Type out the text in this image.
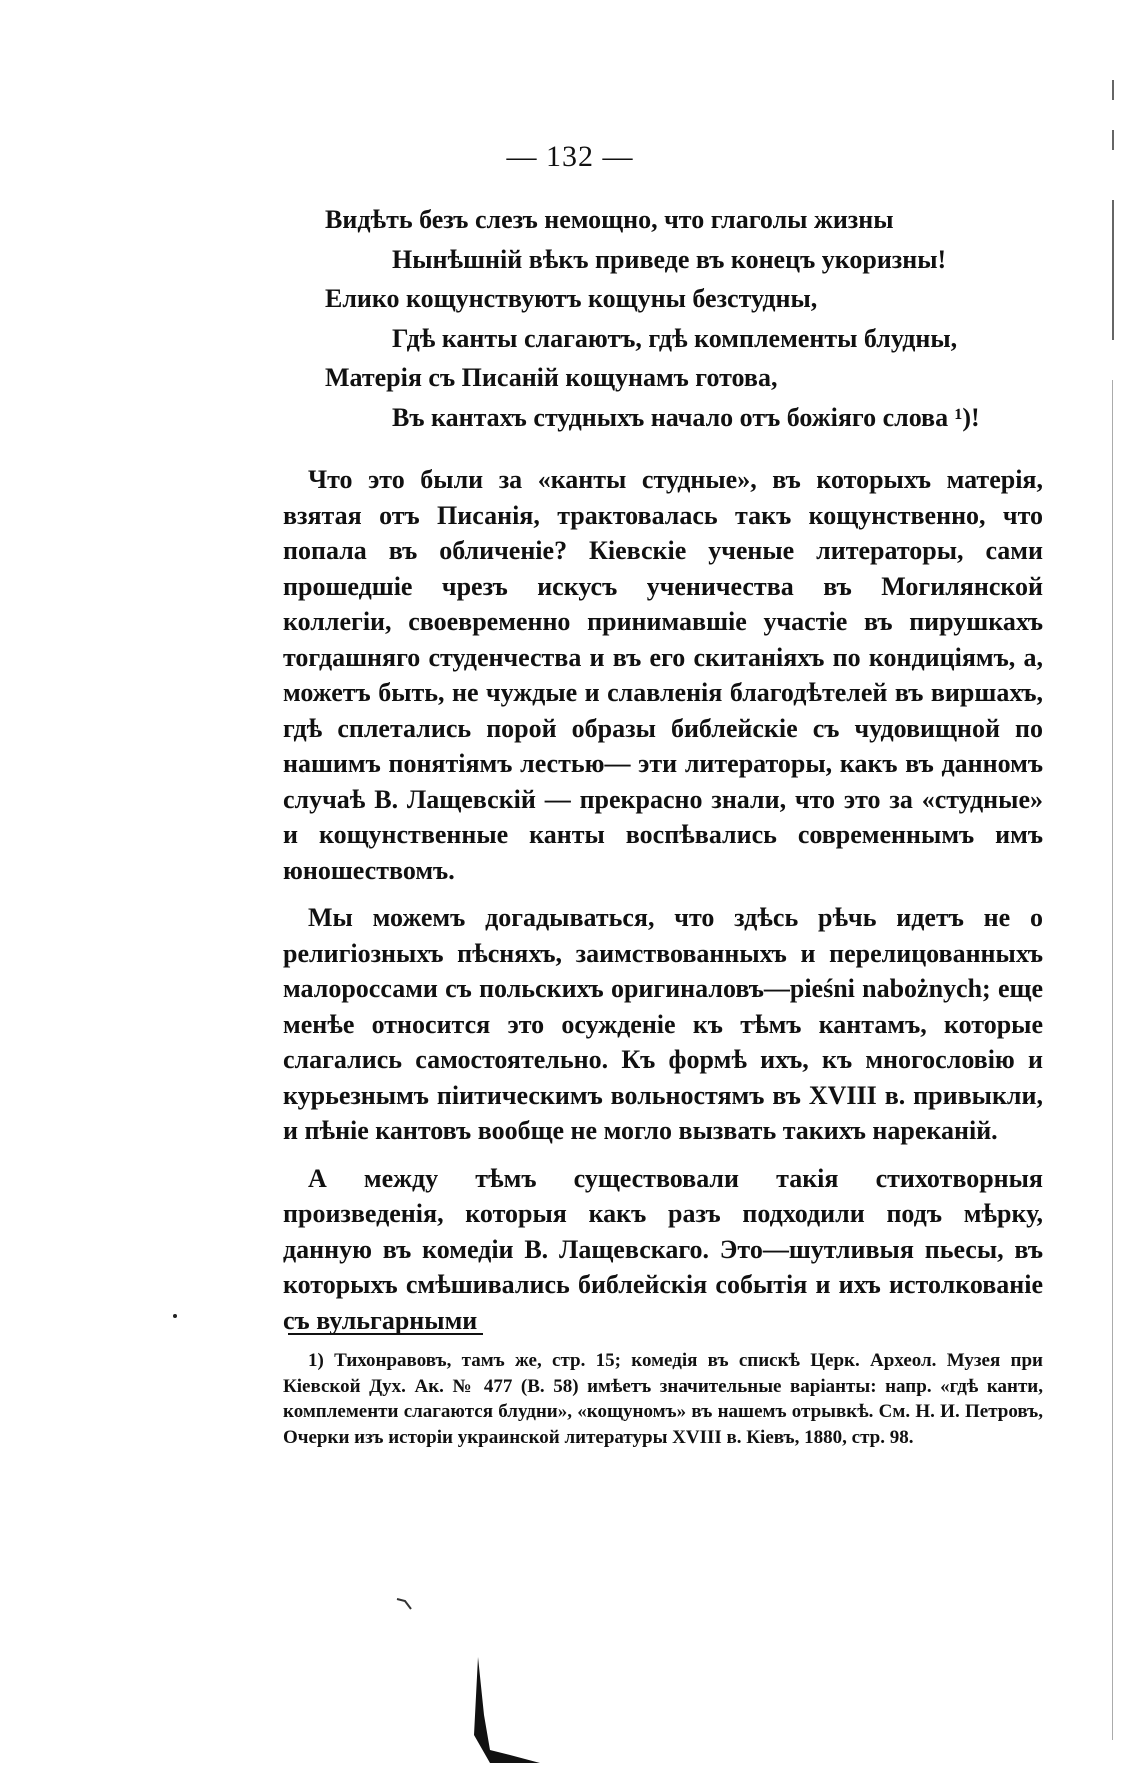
— 132 —
Видѣть безъ слезъ немощно, что глаголы жизны
Нынѣшній вѣкъ приведе въ конецъ укоризны!
Елико кощунствуютъ кощуны безстудны,
Гдѣ канты слагаютъ, гдѣ комплементы блудны,
Матерія съ Писаній кощунамъ готова,
Въ кантахъ студныхъ начало отъ божіяго слова ¹)!

Что это были за «канты студные», въ которыхъ матерія, взятая отъ Писанія, трактовалась такъ кощунственно, что попала въ обличеніе? Кіевскіе ученые литераторы, сами прошедшіе чрезъ искусъ ученичества въ Могилянской коллегіи, своевременно принимавшіе участіе въ пирушкахъ тогдашняго студенчества и въ его скитаніяхъ по кондиціямъ, а, можетъ быть, не чуждые и славленія благодѣтелей въ виршахъ, гдѣ сплетались порой образы библейскіе съ чудовищной по нашимъ понятіямъ лестью— эти литераторы, какъ въ данномъ случаѣ В. Лащевскій — прекрасно знали, что это за «студные» и кощунственные канты воспѣвались современнымъ имъ юношествомъ.

Мы можемъ догадываться, что здѣсь рѣчь идетъ не о религіозныхъ пѣсняхъ, заимствованныхъ и перелицованныхъ малороссами съ польскихъ оригиналовъ—pieśni nabożnych; еще менѣе относится это осужденіе къ тѣмъ кантамъ, которые слагались самостоятельно. Къ формѣ ихъ, къ многословію и курьезнымъ піитическимъ вольностямъ въ XVIII в. привыкли, и пѣніе кантовъ вообще не могло вызвать такихъ нареканій.

А между тѣмъ существовали такія стихотворныя произведенія, которыя какъ разъ подходили подъ мѣрку, данную въ комедіи В. Лащевскаго. Это—шутливыя пьесы, въ которыхъ смѣшивались библейскія событія и ихъ истолкованіе съ вульгарными

1) Тихонравовъ, тамъ же, стр. 15; комедія въ спискѣ Церк. Археол. Музея при Кіевской Дух. Ак. № 477 (В. 58) имѣетъ значительные варіанты: напр. «гдѣ канти, комплементи слагаются блудни», «кощуномъ» въ нашемъ отрывкѣ. См. Н. И. Петровъ, Очерки изъ исторіи украинской литературы XVIII в. Кіевъ, 1880, стр. 98.
